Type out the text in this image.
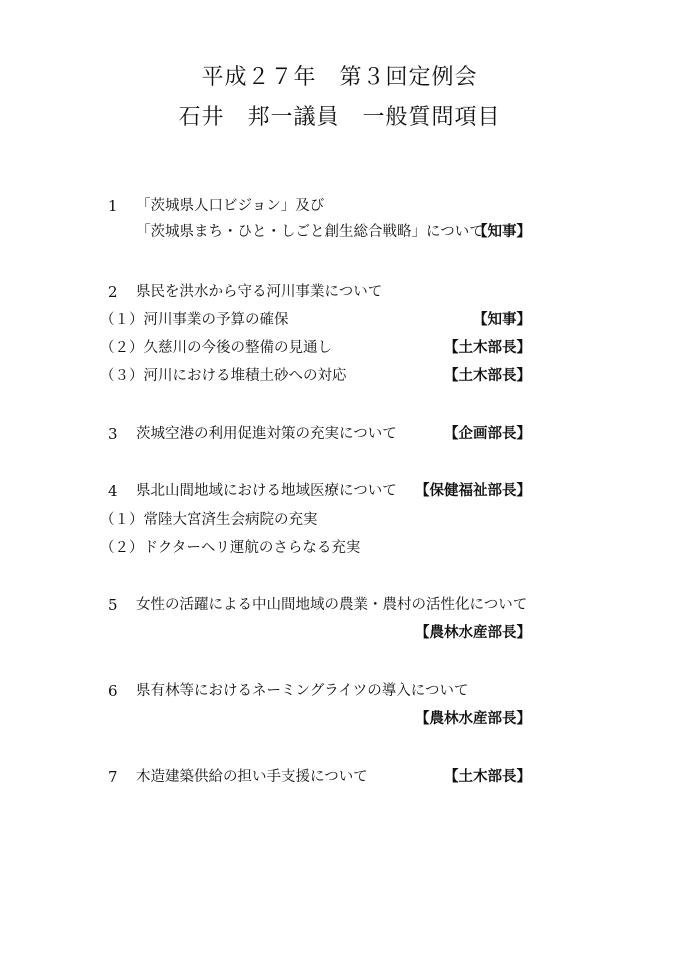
平成２７年　第３回定例会
石井　邦一議員　一般質問項目
1 「茨城県人口ビジョン」及び
「茨城県まち・ひと・しごと創生総合戦略」について
【知事】
2 県民を洪水から守る河川事業について
（１）河川事業の予算の確保	【知事】
（２）久慈川の今後の整備の見通し	【土木部長】
（３）河川における堆積土砂への対応	【土木部長】
3 茨城空港の利用促進対策の充実について	【企画部長】
4 県北山間地域における地域医療について 【保健福祉部長】
（１）常陸大宮済生会病院の充実
（２）ドクターヘリ運航のさらなる充実
5 女性の活躍による中山間地域の農業・農村の活性化について
【農林水産部長】
6 県有林等におけるネーミングライツの導入について
【農林水産部長】
7 木造建築供給の担い手支援について	【土木部長】
